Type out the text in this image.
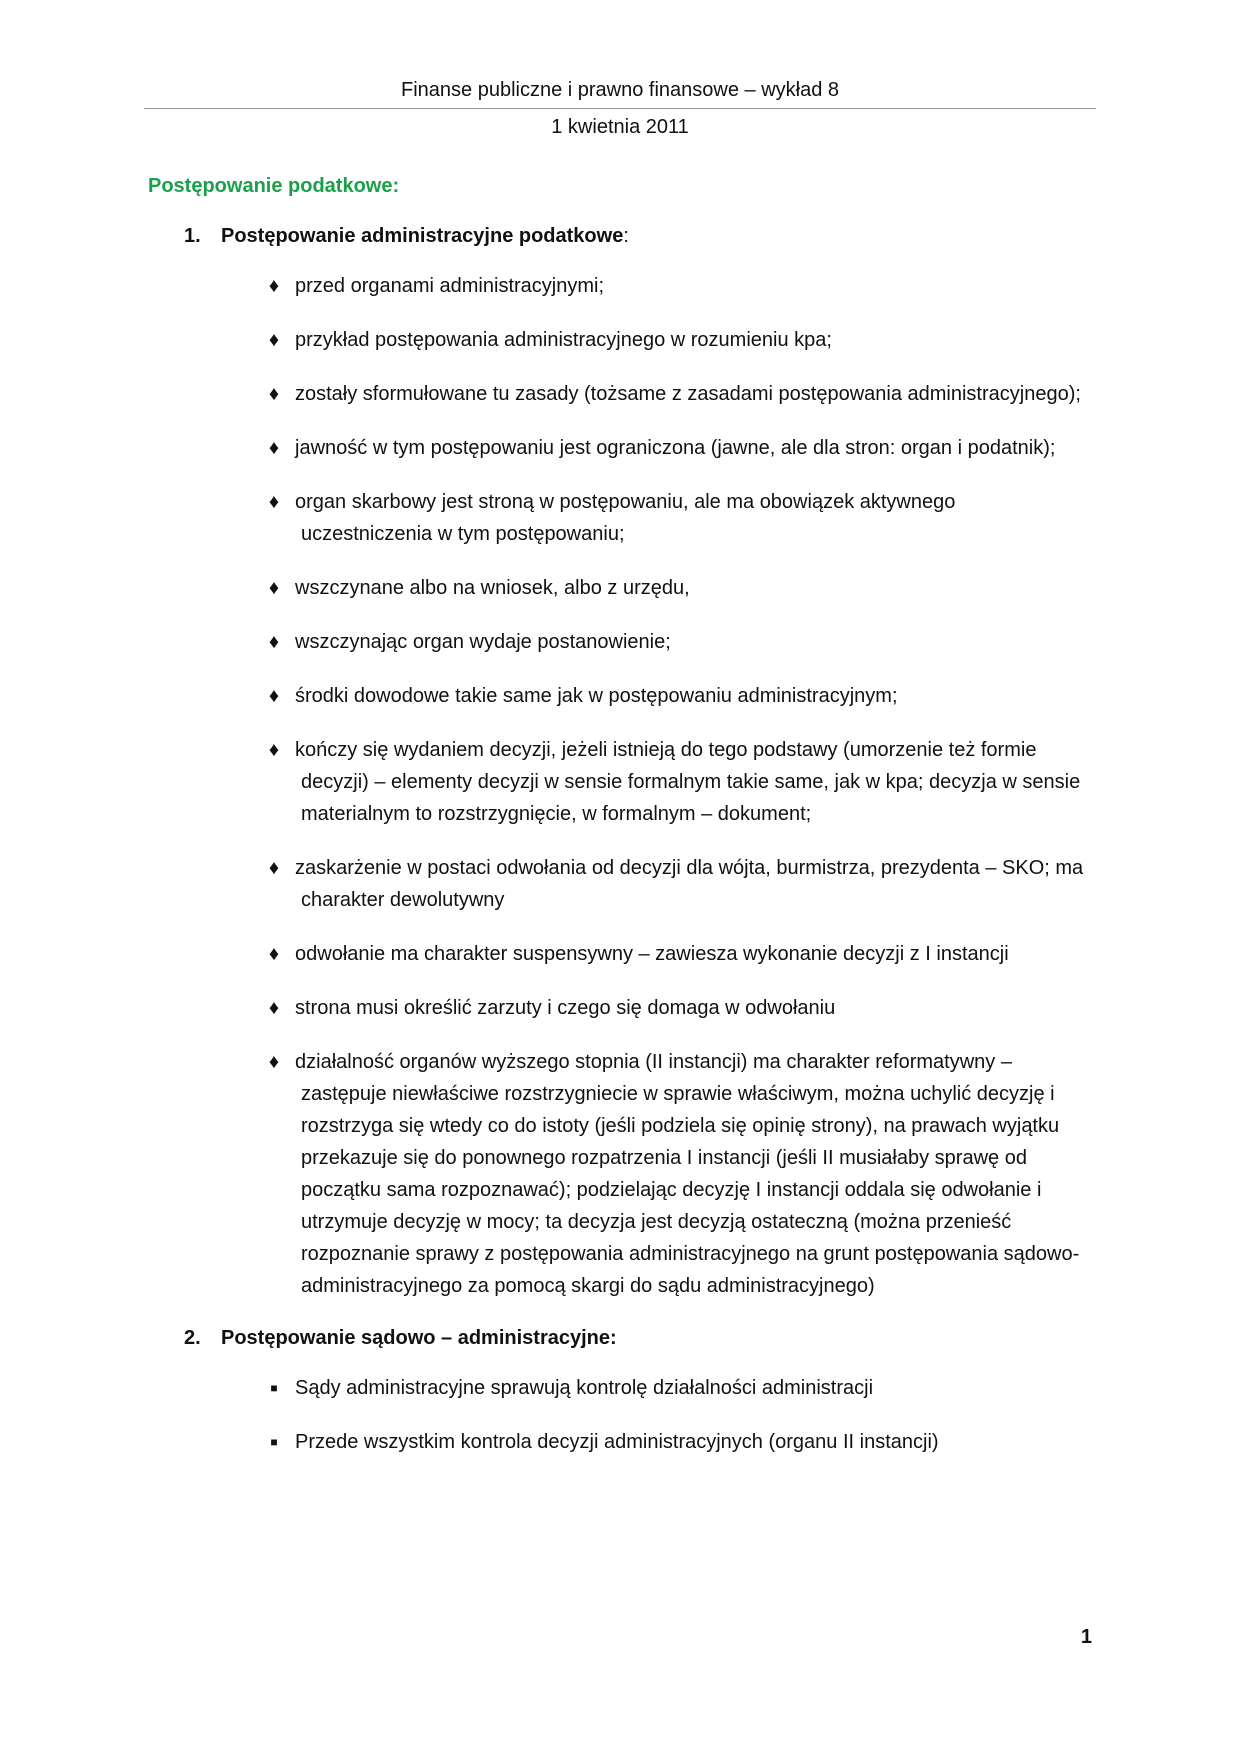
Finanse publiczne i prawno finansowe – wykład 8
1 kwietnia 2011
Postępowanie podatkowe:
1. Postępowanie administracyjne podatkowe:
♦ przed organami administracyjnymi;
♦ przykład postępowania administracyjnego w rozumieniu kpa;
♦ zostały sformułowane tu zasady (tożsame z zasadami postępowania administracyjnego);
♦ jawność w tym postępowaniu jest ograniczona (jawne, ale dla stron: organ i podatnik);
♦ organ skarbowy jest stroną w postępowaniu, ale ma obowiązek aktywnego uczestniczenia w tym postępowaniu;
♦ wszczynane albo na wniosek, albo z urzędu,
♦ wszczynając organ wydaje postanowienie;
♦ środki dowodowe takie same jak w postępowaniu administracyjnym;
♦ kończy się wydaniem decyzji, jeżeli istnieją do tego podstawy (umorzenie też formie decyzji) – elementy decyzji w sensie formalnym takie same, jak w kpa; decyzja w sensie materialnym to rozstrzygnięcie, w formalnym – dokument;
♦ zaskarżenie w postaci odwołania od decyzji dla wójta, burmistrza, prezydenta – SKO; ma charakter dewolutywny
♦ odwołanie ma charakter suspensywny – zawiesza wykonanie decyzji z I instancji
♦ strona musi określić zarzuty i czego się domaga w odwołaniu
♦ działalność organów wyższego stopnia (II instancji) ma charakter reformatywny – zastępuje niewłaściwe rozstrzygniecie w sprawie właściwym, można uchylić decyzję i rozstrzyga się wtedy co do istoty (jeśli podziela się opinię strony), na prawach wyjątku przekazuje się do ponownego rozpatrzenia I instancji (jeśli II musiałaby sprawę od początku sama rozpoznawać); podzielając decyzję I instancji oddala się odwołanie i utrzymuje decyzję w mocy; ta decyzja jest decyzją ostateczną (można przenieść rozpoznanie sprawy z postępowania administracyjnego na grunt postępowania sądowo-administracyjnego za pomocą skargi do sądu administracyjnego)
2. Postępowanie sądowo – administracyjne:
■ Sądy administracyjne sprawują kontrolę działalności administracji
■ Przede wszystkim kontrola decyzji administracyjnych (organu II instancji)
1
